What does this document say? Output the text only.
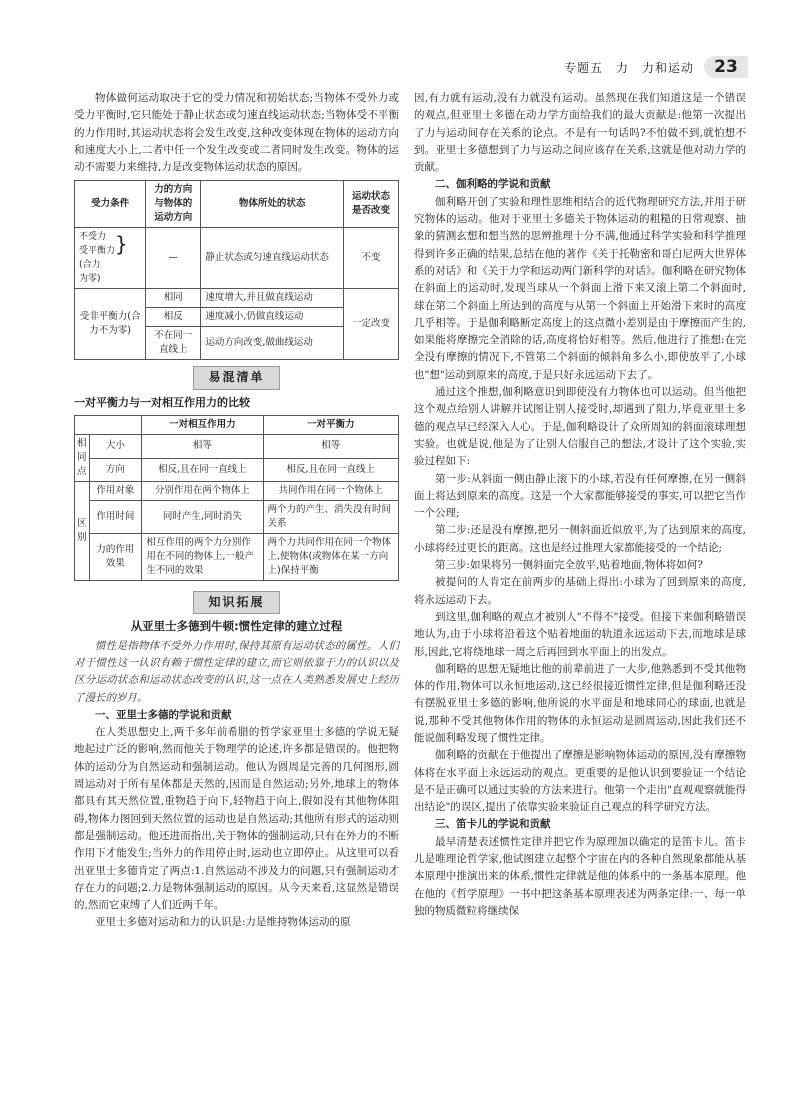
专题五　力　力和运动	23

物体做何运动取决于它的受力情况和初始状态;当物体不受外力或受力平衡时,它只能处于静止状态或匀速直线运动状态;当物体受不平衡的力作用时,其运动状态将会发生改变,这种改变体现在物体的运动方向和速度大小上,二者中任一个发生改变或二者同时发生改变。物体的运动不需要力来维持,力是改变物体运动状态的原因。

受力条件	力的方向与物体的运动方向	物体所处的状态	运动状态是否改变
不受力
受平衡力}(合力为零)	—	静止状态或匀速直线运动状态	不变
受非平衡力(合力不为零)	相同	速度增大,并且做直线运动	一定改变
	相反	速度减小,仍做直线运动	
	不在同一直线上	运动方向改变,做曲线运动	
易混清单
一对平衡力与一对相互作用力的比较
		一对相互作用力	一对平衡力
相同点	大小	相等	相等
	方向	相反,且在同一直线上	相反,且在同一直线上
区别	作用对象	分别作用在两个物体上	共同作用在同一个物体上
	作用时间	同时产生,同时消失	两个力的产生、消失没有时间关系
	力的作用效果	相互作用的两个力分别作用在不同的物体上,一般产生不同的效果	两个力共同作用在同一个物体上,使物体(或物体在某一方向上)保持平衡
知识拓展
从亚里士多德到牛顿:惯性定律的建立过程

惯性是指物体不受外力作用时,保持其原有运动状态的属性。人们对于惯性这一认识有赖于惯性定律的建立,而它则依靠于力的认识以及区分运动状态和运动状态改变的认识,这一点在人类熟悉发展史上经历了漫长的岁月。

一、亚里士多德的学说和贡献

在人类思想史上,两千多年前希腊的哲学家亚里士多德的学说无疑地起过广泛的影响,然而他关于物理学的论述,许多都是错误的。他把物体的运动分为自然运动和强制运动。他认为圆周是完善的几何图形,圆周运动对于所有星体都是天然的,因而是自然运动;另外,地球上的物体都具有其天然位置,重物趋于向下,轻物趋于向上,假如没有其他物体阻碍,物体力图回到天然位置的运动也是自然运动;其他所有形式的运动则都是强制运动。他还进而指出,关于物体的强制运动,只有在外力的不断作用下才能发生;当外力的作用停止时,运动也立即停止。从这里可以看出亚里士多德肯定了两点:1.自然运动不涉及力的问题,只有强制运动才存在力的问题;2.力是物体强制运动的原因。从今天来看,这显然是错误的,然而它束缚了人们近两千年。

亚里士多德对运动和力的认识是:力是维持物体运动的原

因,有力就有运动,没有力就没有运动。虽然现在我们知道这是一个错误的观点,但亚里士多德在动力学方面给我们的最大贡献是:他第一次提出了力与运动间存在关系的论点。不是有一句话吗?不怕做不到,就怕想不到。亚里士多德想到了力与运动之间应该存在关系,这就是他对动力学的贡献。

二、伽利略的学说和贡献

伽利略开创了实验和理性思维相结合的近代物理研究方法,并用于研究物体的运动。他对于亚里士多德关于物体运动的粗糙的日常观察、抽象的猜测玄想和想当然的思辨推理十分不满,他通过科学实验和科学推理得到许多正确的结果,总结在他的著作《关于托勒密和哥白尼两大世界体系的对话》和《关于力学和运动两门新科学的对话》。伽利略在研究物体在斜面上的运动时,发现当球从一个斜面上滑下来又滚上第二个斜面时,球在第二个斜面上所达到的高度与从第一个斜面上开始滑下来时的高度几乎相等。于是伽利略断定高度上的这点微小差别是由于摩擦而产生的,如果能将摩擦完全消除的话,高度将恰好相等。然后,他进行了推想:在完全没有摩擦的情况下,不管第二个斜面的倾斜角多么小,即使放平了,小球也"想"运动到原来的高度,于是只好永远运动下去了。

通过这个推想,伽利略意识到即使没有力物体也可以运动。但当他把这个观点给别人讲解并试图让别人接受时,却遇到了阻力,毕竟亚里士多德的观点早已经深入人心。于是,伽利略设计了众所周知的斜面滚球理想实验。也就是说,他是为了让别人信服自己的想法,才设计了这个实验,实验过程如下:

第一步:从斜面一侧由静止滚下的小球,若没有任何摩擦,在另一侧斜面上将达到原来的高度。这是一个大家都能够接受的事实,可以把它当作一个公理;

第二步:还是没有摩擦,把另一侧斜面近似放平,为了达到原来的高度,小球将经过更长的距离。这也是经过推理大家都能接受的一个结论;

第三步:如果将另一侧斜面完全放平,贴着地面,物体将如何?

被提问的人肯定在前两步的基础上得出:小球为了回到原来的高度,将永远运动下去。

到这里,伽利略的观点才被别人"不得不"接受。但接下来伽利略错误地认为,由于小球将沿着这个贴着地面的轨道永远运动下去,而地球是球形,因此,它将绕地球一周之后再回到水平面上的出发点。

伽利略的思想无疑地比他的前辈前进了一大步,他熟悉到不受其他物体的作用,物体可以永恒地运动,这已经很接近惯性定律,但是伽利略还没有摆脱亚里士多德的影响,他所说的水平面是和地球同心的球面,也就是说,那种不受其他物体作用的物体的永恒运动是圆周运动,因此我们还不能说伽利略发现了惯性定律。

伽利略的贡献在于他提出了摩擦是影响物体运动的原因,没有摩擦物体将在水平面上永远运动的观点。更重要的是他认识到要验证一个结论是不是正确可以通过实验的方法来进行。他第一个走出"直观观察就能得出结论"的误区,提出了依靠实验来验证自己观点的科学研究方法。

三、笛卡儿的学说和贡献

最早清楚表述惯性定律并把它作为原理加以确定的是笛卡儿。笛卡儿是唯理论哲学家,他试图建立起整个宇宙在内的各种自然现象都能从基本原理中推演出来的体系,惯性定律就是他的体系中的一条基本原理。他在他的《哲学原理》一书中把这条基本原理表述为两条定律:一、每一单独的物质微粒将继续保
